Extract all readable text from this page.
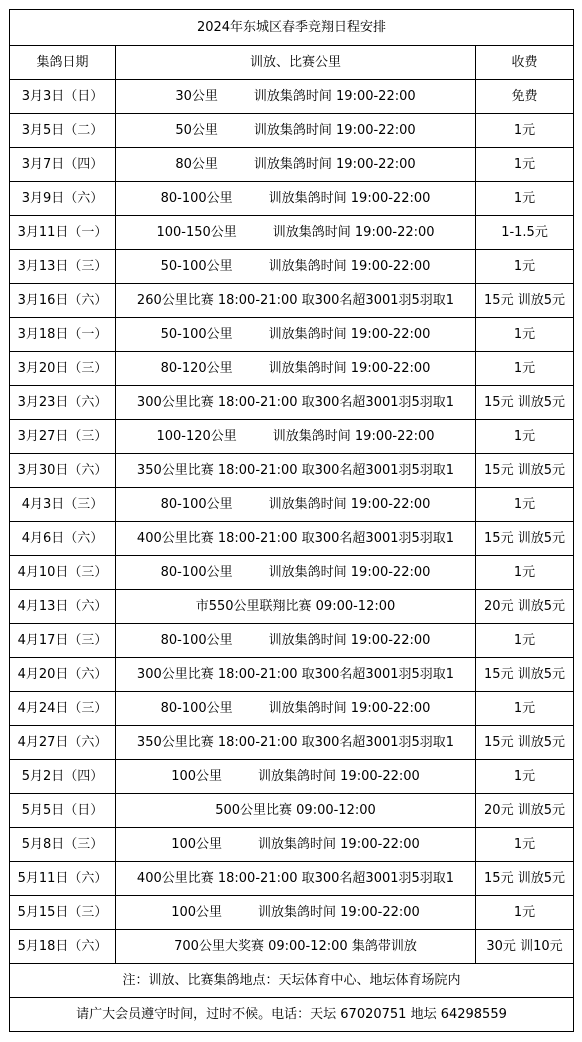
2024年东城区春季竞翔日程安排		
集鸽日期	训放、比赛公里	收费
3月3日（日）	30公里 训放集鸽时间 19:00-22:00	免费
3月5日（二）	50公里 训放集鸽时间 19:00-22:00	1元
3月7日（四）	80公里 训放集鸽时间 19:00-22:00	1元
3月9日（六）	80-100公里 训放集鸽时间 19:00-22:00	1元
3月11日（一）	100-150公里 训放集鸽时间 19:00-22:00	1-1.5元
3月13日（三）	50-100公里 训放集鸽时间 19:00-22:00	1元
3月16日（六）	260公里比赛 18:00-21:00 取300名超3001羽5羽取1	15元 训放5元
3月18日（一）	50-100公里 训放集鸽时间 19:00-22:00	1元
3月20日（三）	80-120公里 训放集鸽时间 19:00-22:00	1元
3月23日（六）	300公里比赛 18:00-21:00 取300名超3001羽5羽取1	15元 训放5元
3月27日（三）	100-120公里 训放集鸽时间 19:00-22:00	1元
3月30日（六）	350公里比赛 18:00-21:00 取300名超3001羽5羽取1	15元 训放5元
4月3日（三）	80-100公里 训放集鸽时间 19:00-22:00	1元
4月6日（六）	400公里比赛 18:00-21:00 取300名超3001羽5羽取1	15元 训放5元
4月10日（三）	80-100公里 训放集鸽时间 19:00-22:00	1元
4月13日（六）	市550公里联翔比赛 09:00-12:00	20元 训放5元
4月17日（三）	80-100公里 训放集鸽时间 19:00-22:00	1元
4月20日（六）	300公里比赛 18:00-21:00 取300名超3001羽5羽取1	15元 训放5元
4月24日（三）	80-100公里 训放集鸽时间 19:00-22:00	1元
4月27日（六）	350公里比赛 18:00-21:00 取300名超3001羽5羽取1	15元 训放5元
5月2日（四）	100公里 训放集鸽时间 19:00-22:00	1元
5月5日（日）	500公里比赛 09:00-12:00	20元 训放5元
5月8日（三）	100公里 训放集鸽时间 19:00-22:00	1元
5月11日（六）	400公里比赛 18:00-21:00 取300名超3001羽5羽取1	15元 训放5元
5月15日（三）	100公里 训放集鸽时间 19:00-22:00	1元
5月18日（六）	700公里大奖赛 09:00-12:00 集鸽带训放	30元 训10元
注：训放、比赛集鸽地点：天坛体育中心、地坛体育场院内		
请广大会员遵守时间，过时不候。电话：天坛 67020751 地坛 64298559		
